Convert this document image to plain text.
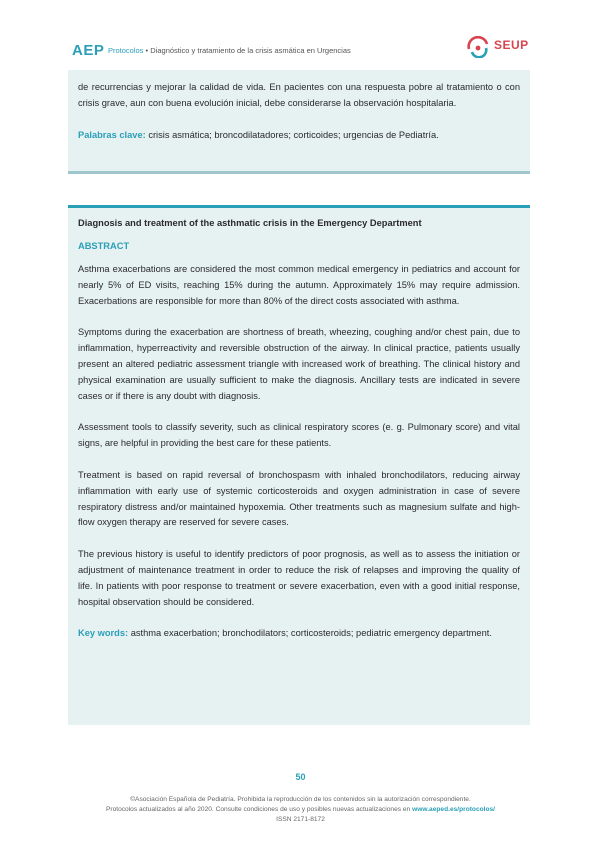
AEP Protocolos • Diagnóstico y tratamiento de la crisis asmática en Urgencias	SEUP

de recurrencias y mejorar la calidad de vida. En pacientes con una respuesta pobre al tratamiento o con crisis grave, aun con buena evolución inicial, debe considerarse la observación hospitalaria.

Palabras clave: crisis asmática; broncodilatadores; corticoides; urgencias de Pediatría.

Diagnosis and treatment of the asthmatic crisis in the Emergency Department
ABSTRACT

Asthma exacerbations are considered the most common medical emergency in pediatrics and account for nearly 5% of ED visits, reaching 15% during the autumn. Approximately 15% may require admission. Exacerbations are responsible for more than 80% of the direct costs associated with asthma.

Symptoms during the exacerbation are shortness of breath, wheezing, coughing and/or chest pain, due to inflammation, hyperreactivity and reversible obstruction of the airway. In clinical practice, patients usually present an altered pediatric assessment triangle with increased work of breathing. The clinical history and physical examination are usually sufficient to make the diagnosis. Ancillary tests are indicated in severe cases or if there is any doubt with diagnosis.

Assessment tools to classify severity, such as clinical respiratory scores (e. g. Pulmonary score) and vital signs, are helpful in providing the best care for these patients.

Treatment is based on rapid reversal of bronchospasm with inhaled bronchodilators, reducing airway inflammation with early use of systemic corticosteroids and oxygen administration in case of severe respiratory distress and/or maintained hypoxemia. Other treatments such as magnesium sulfate and high-flow oxygen therapy are reserved for severe cases.

The previous history is useful to identify predictors of poor prognosis, as well as to assess the initiation or adjustment of maintenance treatment in order to reduce the risk of relapses and improving the quality of life. In patients with poor response to treatment or severe exacerbation, even with a good initial response, hospital observation should be considered.

Key words: asthma exacerbation; bronchodilators; corticosteroids; pediatric emergency department.

50
©Asociación Española de Pediatría. Prohibida la reproducción de los contenidos sin la autorización correspondiente.
Protocolos actualizados al año 2020. Consulte condiciones de uso y posibles nuevas actualizaciones en www.aeped.es/protocolos/
ISSN 2171-8172
